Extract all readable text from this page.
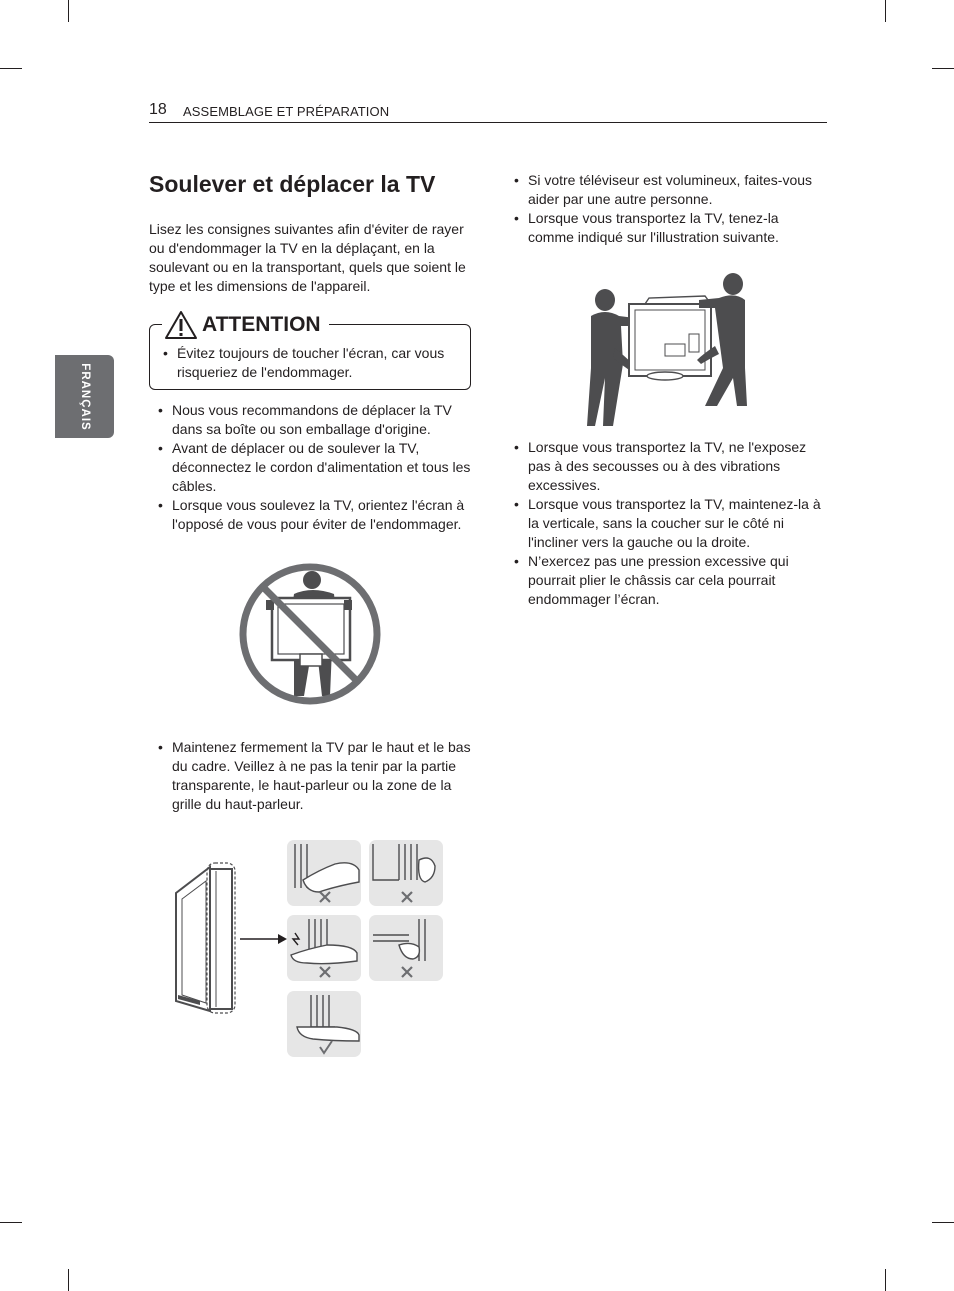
18 ASSEMBLAGE ET PRÉPARATION
FRANÇAIS
Soulever et déplacer la TV

Lisez les consignes suivantes afin d'éviter de rayer ou d'endommager la TV en la déplaçant, en la soulevant ou en la transportant, quels que soient le type et les dimensions de l'appareil.

ATTENTION
• Évitez toujours de toucher l'écran, car vous risqueriez de l'endommager.
• Nous vous recommandons de déplacer la TV dans sa boîte ou son emballage d'origine.
• Avant de déplacer ou de soulever la TV, déconnectez le cordon d'alimentation et tous les câbles.
• Lorsque vous soulevez la TV, orientez l'écran à l'opposé de vous pour éviter de l'endommager.
• Maintenez fermement la TV par le haut et le bas du cadre. Veillez à ne pas la tenir par la partie transparente, le haut-parleur ou la zone de la grille du haut-parleur.
• Si votre téléviseur est volumineux, faites-vous aider par une autre personne.
• Lorsque vous transportez la TV, tenez-la comme indiqué sur l'illustration suivante.
• Lorsque vous transportez la TV, ne l'exposez pas à des secousses ou à des vibrations excessives.
• Lorsque vous transportez la TV, maintenez-la à la verticale, sans la coucher sur le côté ni l'incliner vers la gauche ou la droite.
• N’exercez pas une pression excessive qui pourrait plier le châssis car cela pourrait endommager l’écran.
